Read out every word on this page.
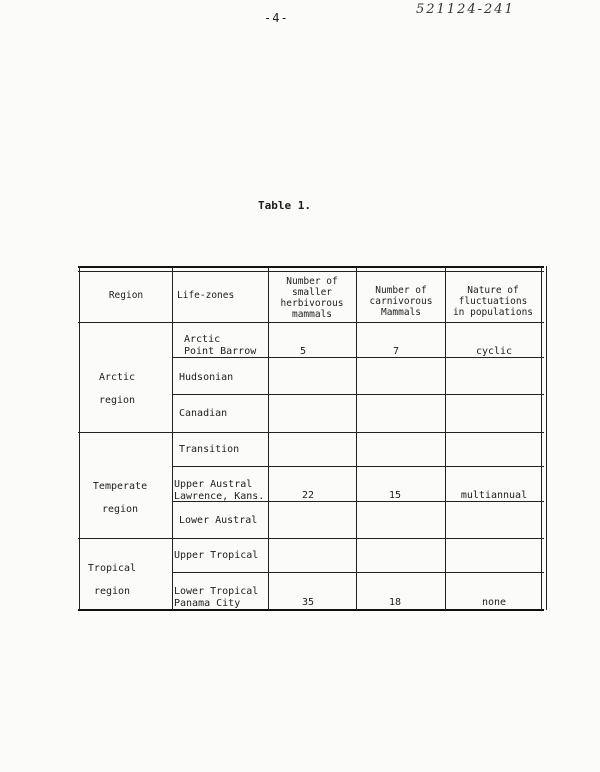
-4-
521124-241
Table 1.
Region	Life-zones
Number of
smaller
herbivorous
mammals
Number of
carnivorous
Mammals
Nature of
fluctuations
in populations
Arctic

region
Temperate

region
Tropical

region
Arctic
Point Barrow
Hudsonian
Canadian
Transition
Upper Austral
Lawrence, Kans.
Lower Austral
Upper Tropical
Lower Tropical
Panama City
5
22
35
7
15
18
cyclic
multiannual
none
